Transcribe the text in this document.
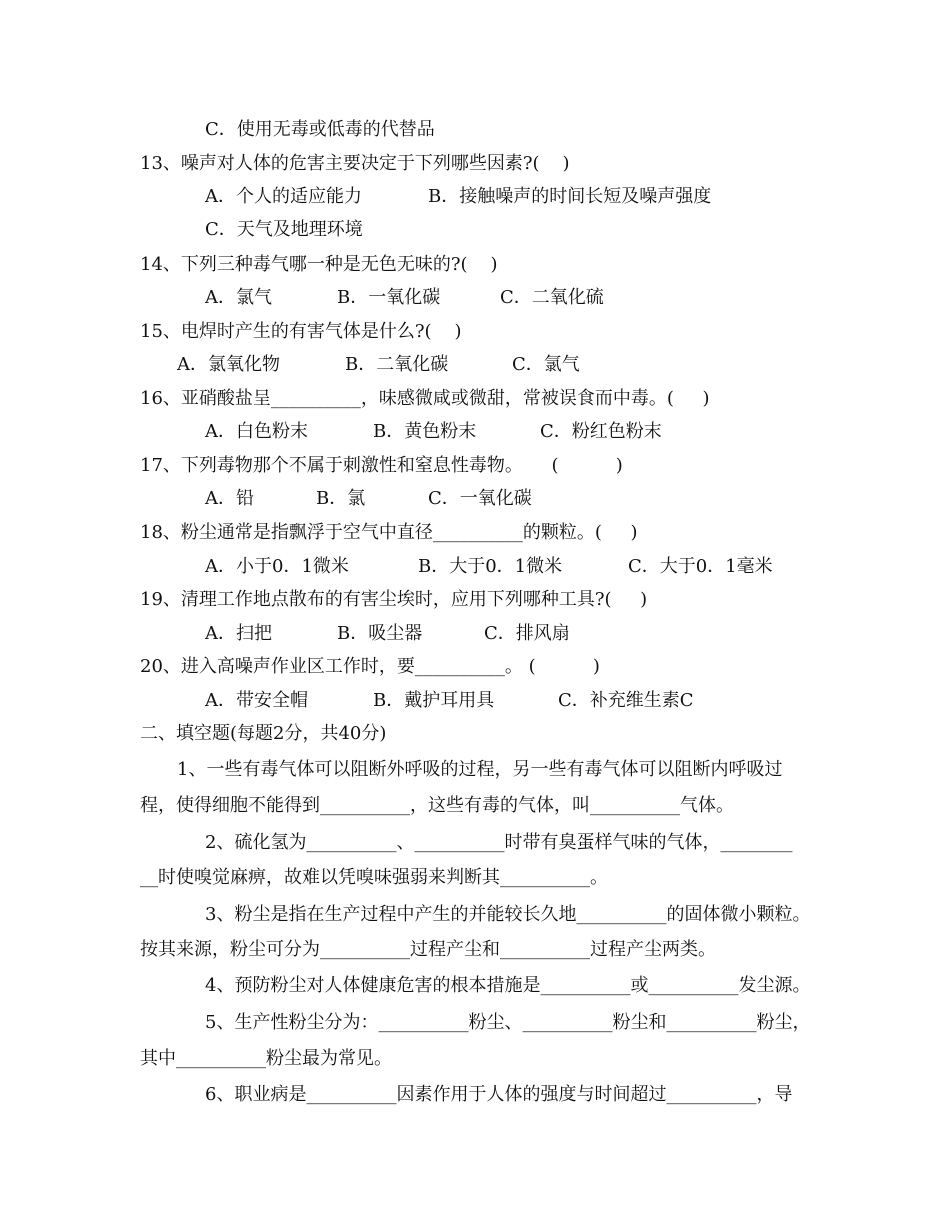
C．使用无毒或低毒的代替品
13、噪声对人体的危害主要决定于下列哪些因素?(    )
A．个人的适应能力	B．接触噪声的时间长短及噪声强度
C．天气及地理环境
14、下列三种毒气哪一种是无色无味的?(    )
A．氯气	B．一氧化碳	C．二氧化硫
15、电焊时产生的有害气体是什么?(    )
A．氯氧化物	B．二氧化碳	C．氯气
16、亚硝酸盐呈__________，味感微咸或微甜，常被误食而中毒。(     )
A．白色粉末	B．黄色粉末	C．粉红色粉末
17、下列毒物那个不属于刺激性和窒息性毒物。     (          )
A．铅	B．氯	C．一氧化碳
18、粉尘通常是指飘浮于空气中直径__________的颗粒。(     )
A．小于0．1微米	B．大于0．1微米	C．大于0．1毫米
19、清理工作地点散布的有害尘埃时，应用下列哪种工具?(     )
A．扫把	B．吸尘器	C．排风扇
20、进入高噪声作业区工作时，要__________。 (          )
A．带安全帽	B．戴护耳用具	C．补充维生素C
二、填空题(每题2分，共40分)
1、一些有毒气体可以阻断外呼吸的过程，另一些有毒气体可以阻断内呼吸过
程，使得细胞不能得到__________，这些有毒的气体，叫__________气体。
2、硫化氢为__________、__________时带有臭蛋样气味的气体，________
__时使嗅觉麻痹，故难以凭嗅味强弱来判断其__________。
3、粉尘是指在生产过程中产生的并能较长久地__________的固体微小颗粒。
按其来源，粉尘可分为__________过程产尘和__________过程产尘两类。
4、预防粉尘对人体健康危害的根本措施是__________或__________发尘源。
5、生产性粉尘分为：__________粉尘、__________粉尘和__________粉尘，
其中__________粉尘最为常见。
6、职业病是__________因素作用于人体的强度与时间超过__________，导
